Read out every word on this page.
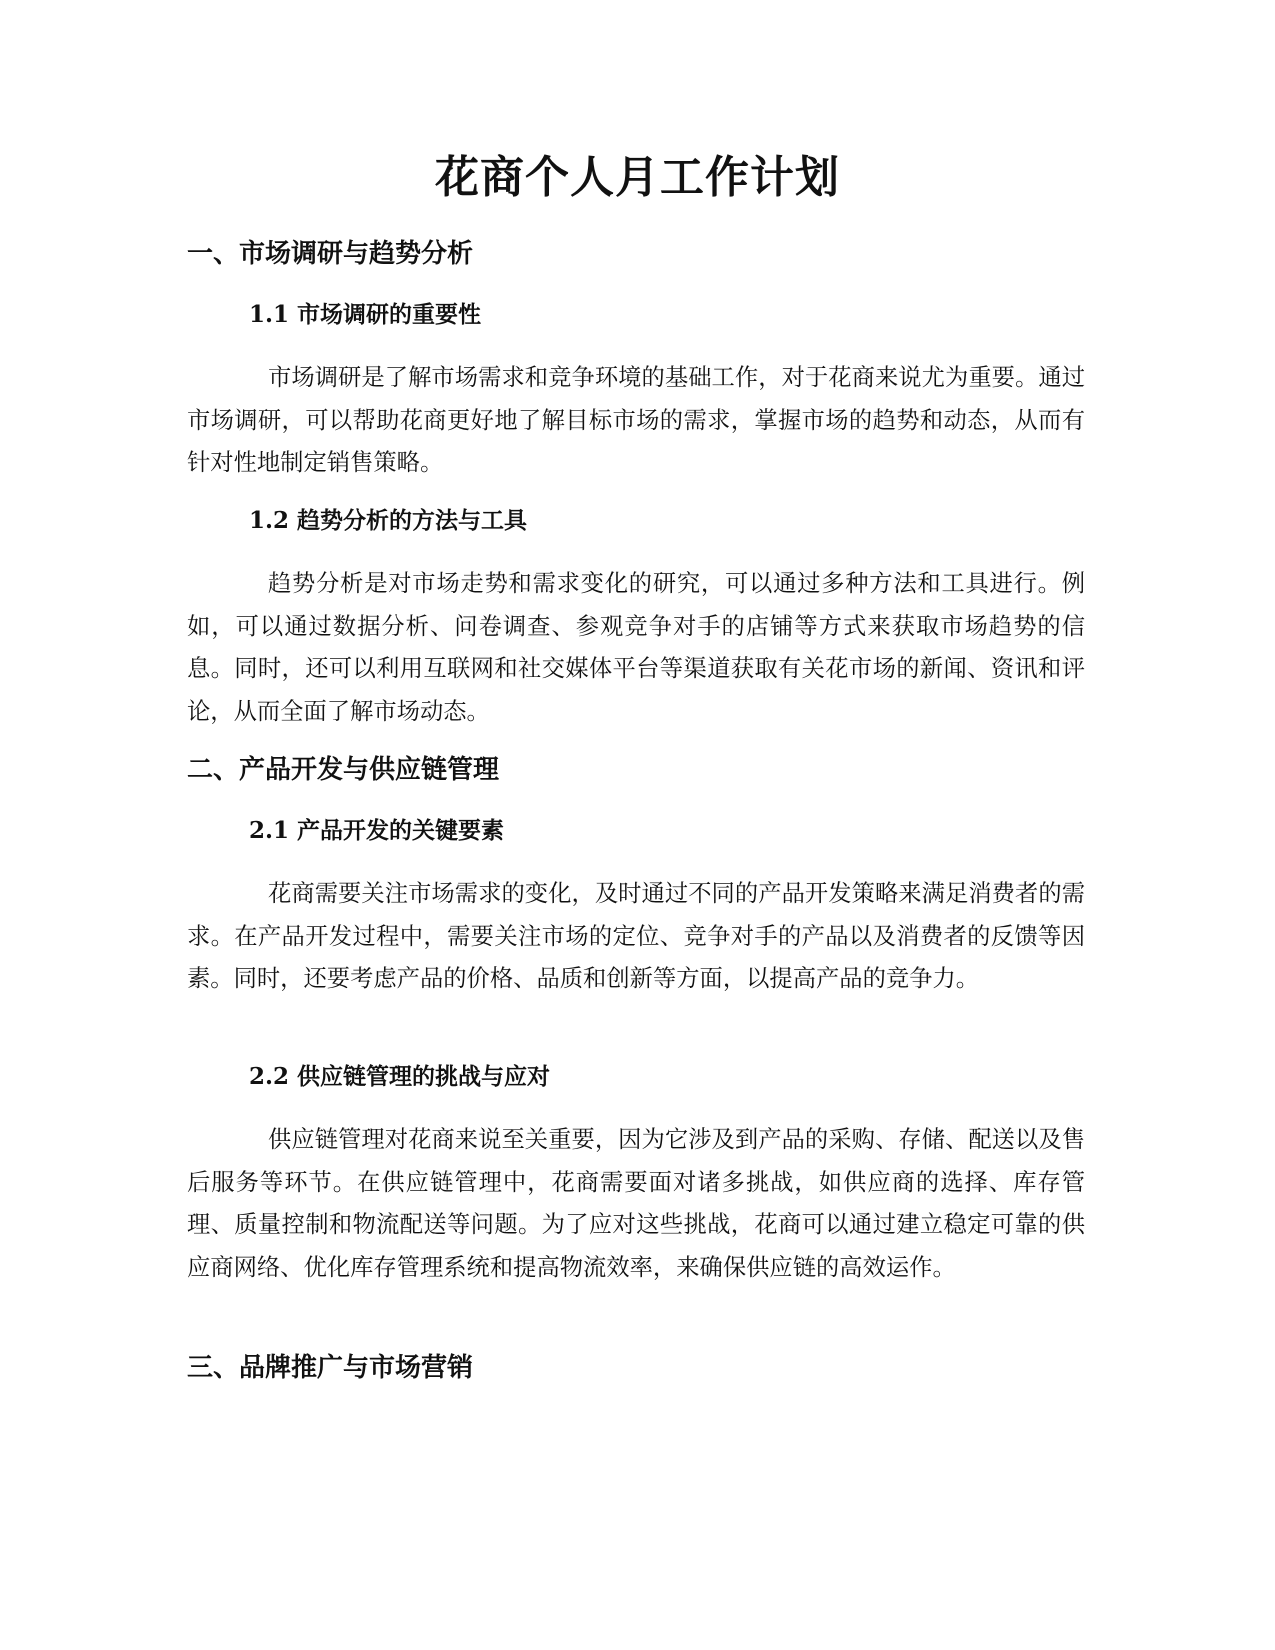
花商个人月工作计划
一、市场调研与趋势分析
1.1 市场调研的重要性

市场调研是了解市场需求和竞争环境的基础工作，对于花商来说尤为重要。通过市场调研，可以帮助花商更好地了解目标市场的需求，掌握市场的趋势和动态，从而有针对性地制定销售策略。

1.2 趋势分析的方法与工具

趋势分析是对市场走势和需求变化的研究，可以通过多种方法和工具进行。例如，可以通过数据分析、问卷调查、参观竞争对手的店铺等方式来获取市场趋势的信息。同时，还可以利用互联网和社交媒体平台等渠道获取有关花市场的新闻、资讯和评论，从而全面了解市场动态。

二、产品开发与供应链管理
2.1 产品开发的关键要素

花商需要关注市场需求的变化，及时通过不同的产品开发策略来满足消费者的需求。在产品开发过程中，需要关注市场的定位、竞争对手的产品以及消费者的反馈等因素。同时，还要考虑产品的价格、品质和创新等方面，以提高产品的竞争力。

2.2 供应链管理的挑战与应对

供应链管理对花商来说至关重要，因为它涉及到产品的采购、存储、配送以及售后服务等环节。在供应链管理中，花商需要面对诸多挑战，如供应商的选择、库存管理、质量控制和物流配送等问题。为了应对这些挑战，花商可以通过建立稳定可靠的供应商网络、优化库存管理系统和提高物流效率，来确保供应链的高效运作。

三、品牌推广与市场营销
